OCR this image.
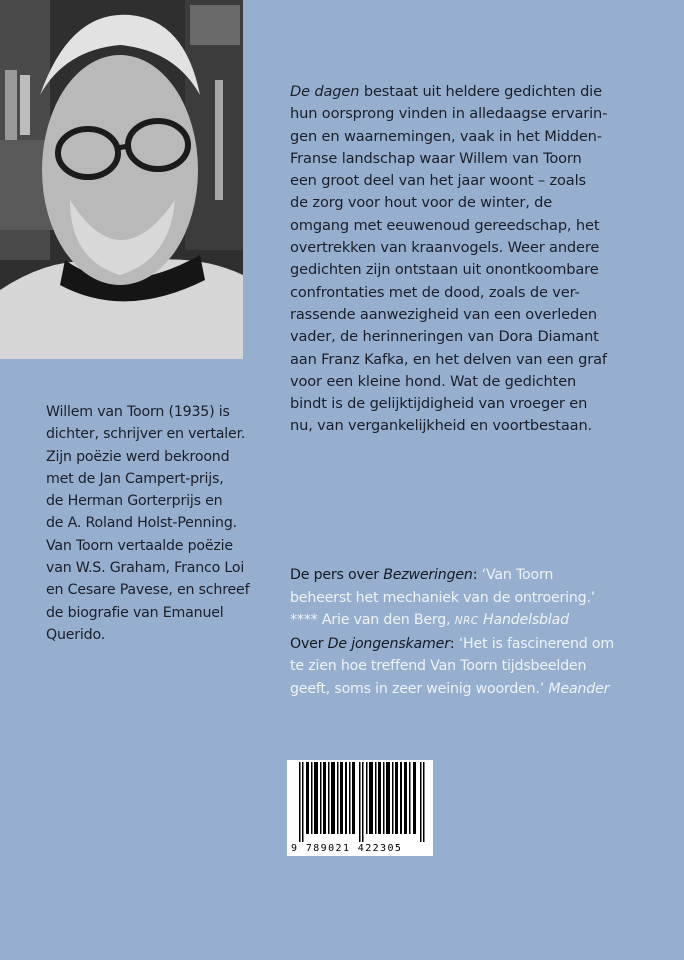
De dagen bestaat uit heldere gedichten die

hun oorsprong vinden in alledaagse ervarin-

gen en waarnemingen, vaak in het Midden-

Franse landschap waar Willem van Toorn

een groot deel van het jaar woont – zoals

de zorg voor hout voor de winter, de

omgang met eeuwenoud gereedschap, het

overtrekken van kraanvogels. Weer andere

gedichten zijn ontstaan uit onontkoombare

confrontaties met de dood, zoals de ver-

rassende aanwezigheid van een overleden

vader, de herinneringen van Dora Diamant

aan Franz Kafka, en het delven van een graf

voor een kleine hond. Wat de gedichten

bindt is de gelijktijdigheid van vroeger en

nu, van vergankelijkheid en voortbestaan.

Willem van Toorn (1935) is

dichter, schrijver en vertaler.

Zijn poëzie werd bekroond

met de Jan Campert-prijs,

de Herman Gorterprijs en

de A. Roland Holst-Penning.

Van Toorn vertaalde poëzie

van W.S. Graham, Franco Loi

en Cesare Pavese, en schreef

de biografie van Emanuel

Querido.

De pers over Bezweringen: ‘Van Toorn
beheerst het mechaniek van de ontroering.’
**** Arie van den Berg, NRC Handelsblad
Over De jongenskamer: ‘Het is fascinerend om
te zien hoe treffend Van Toorn tijdsbeelden
geeft, soms in zeer weinig woorden.’ Meander
9 789021 422305
